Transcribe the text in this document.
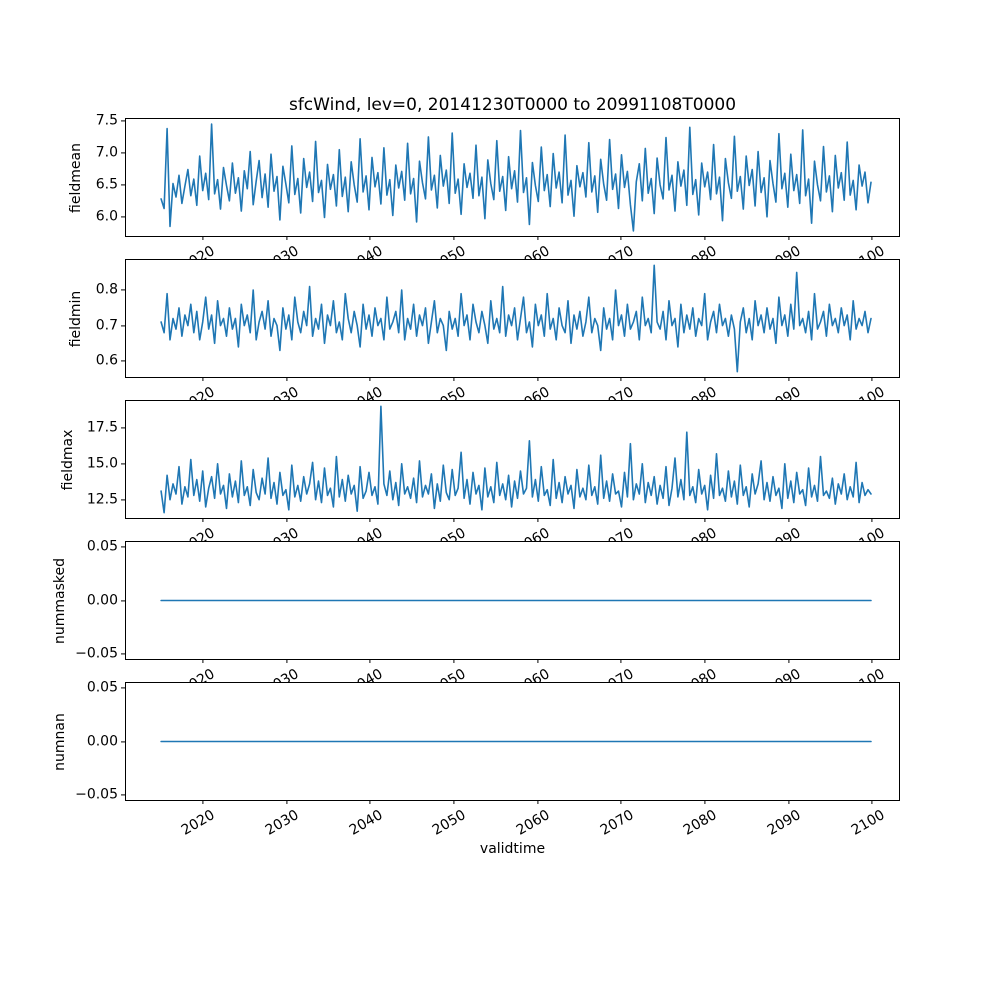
sfcWind, lev=0, 20141230T0000 to 20991108T0000
7.5
7.0
6.5
6.0
fieldmean
0.8
0.7
0.6
fieldmin
17.5
15.0
12.5
fieldmax
0.05
0.00
−0.05
nummasked
2020	2030	2040	2050	2060	2070	2080	2090	2100
0.05
0.00
−0.05
numnan
validtime
